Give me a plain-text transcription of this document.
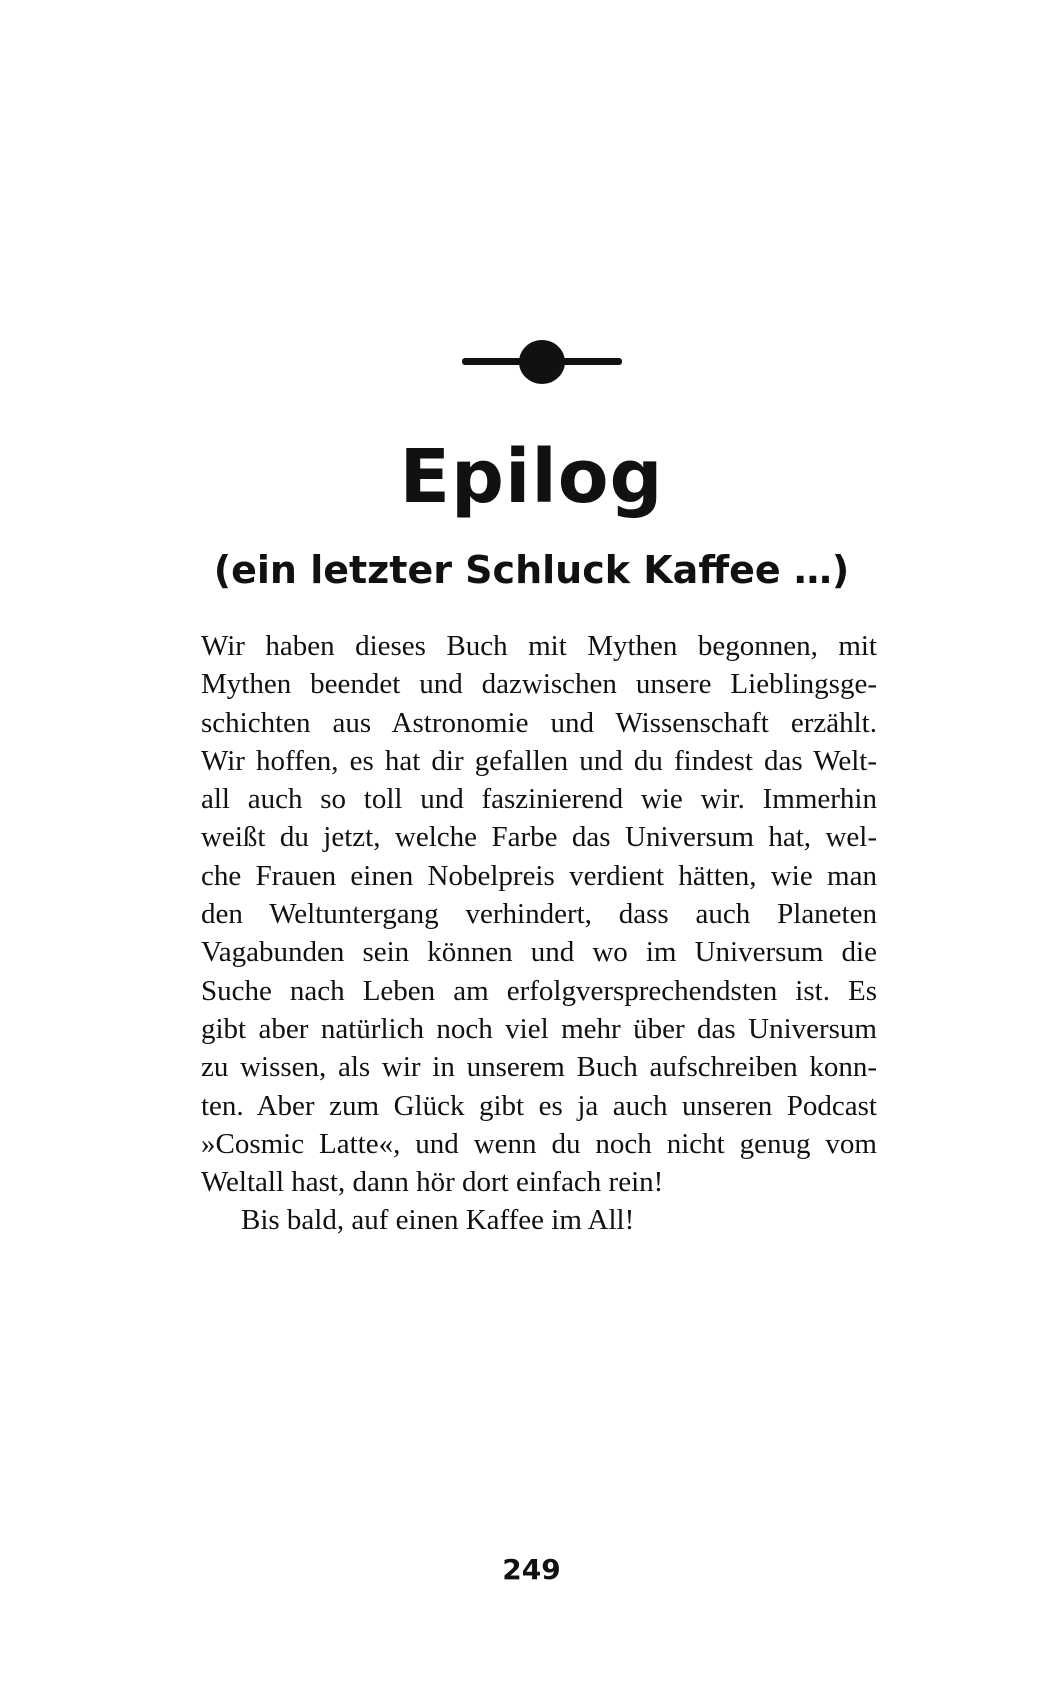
Epilog
(ein letzter Schluck Kaffee …)
Wir haben dieses Buch mit Mythen begonnen, mit
Mythen beendet und dazwischen unsere Lieblingsge-
schichten aus Astronomie und Wissenschaft erzählt.
Wir hoffen, es hat dir gefallen und du findest das Welt-
all auch so toll und faszinierend wie wir. Immerhin
weißt du jetzt, welche Farbe das Universum hat, wel-
che Frauen einen Nobelpreis verdient hätten, wie man
den Weltuntergang verhindert, dass auch Planeten
Vagabunden sein können und wo im Universum die
Suche nach Leben am erfolgversprechendsten ist. Es
gibt aber natürlich noch viel mehr über das Universum
zu wissen, als wir in unserem Buch aufschreiben konn-
ten. Aber zum Glück gibt es ja auch unseren Podcast
»Cosmic Latte«, und wenn du noch nicht genug vom
Weltall hast, dann hör dort einfach rein!
Bis bald, auf einen Kaffee im All!
249
